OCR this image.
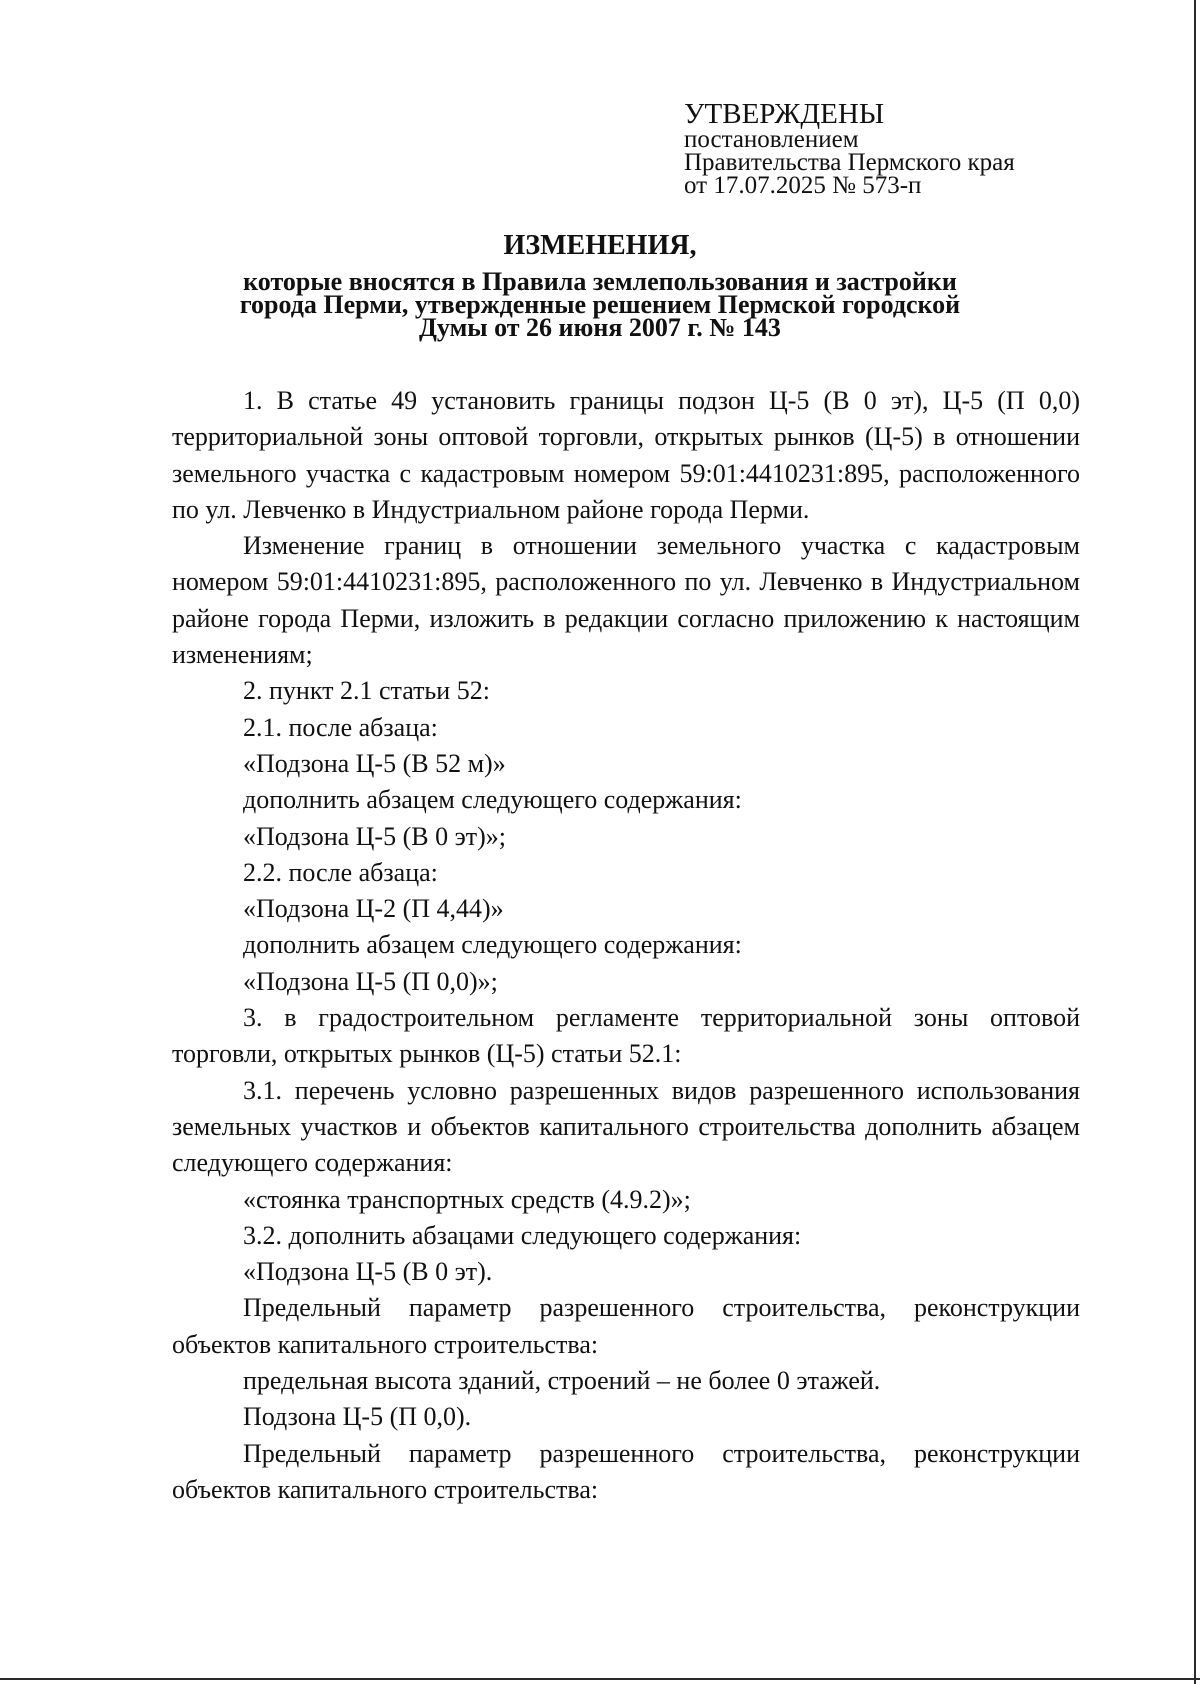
УТВЕРЖДЕНЫ
постановлением
Правительства Пермского края
от 17.07.2025 № 573-п
ИЗМЕНЕНИЯ,
которые вносятся в Правила землепользования и застройки
города Перми, утвержденные решением Пермской городской
Думы от 26 июня 2007 г. № 143

1. В статье 49 установить границы подзон Ц-5 (В 0 эт), Ц-5 (П 0,0) территориальной зоны оптовой торговли, открытых рынков (Ц-5) в отношении земельного участка с кадастровым номером 59:01:4410231:895, расположенного по ул. Левченко в Индустриальном районе города Перми.

Изменение границ в отношении земельного участка с кадастровым номером 59:01:4410231:895, расположенного по ул. Левченко в Индустриальном районе города Перми, изложить в редакции согласно приложению к настоящим изменениям;

2. пункт 2.1 статьи 52:

2.1. после абзаца:

«Подзона Ц-5 (В 52 м)»

дополнить абзацем следующего содержания:

«Подзона Ц-5 (В 0 эт)»;

2.2. после абзаца:

«Подзона Ц-2 (П 4,44)»

дополнить абзацем следующего содержания:

«Подзона Ц-5 (П 0,0)»;

3. в градостроительном регламенте территориальной зоны оптовой торговли, открытых рынков (Ц-5) статьи 52.1:

3.1. перечень условно разрешенных видов разрешенного использования земельных участков и объектов капитального строительства дополнить абзацем следующего содержания:

«стоянка транспортных средств (4.9.2)»;

3.2. дополнить абзацами следующего содержания:

«Подзона Ц-5 (В 0 эт).

Предельный параметр разрешенного строительства, реконструкции объектов капитального строительства:

предельная высота зданий, строений – не более 0 этажей.

Подзона Ц-5 (П 0,0).

Предельный параметр разрешенного строительства, реконструкции объектов капитального строительства:
